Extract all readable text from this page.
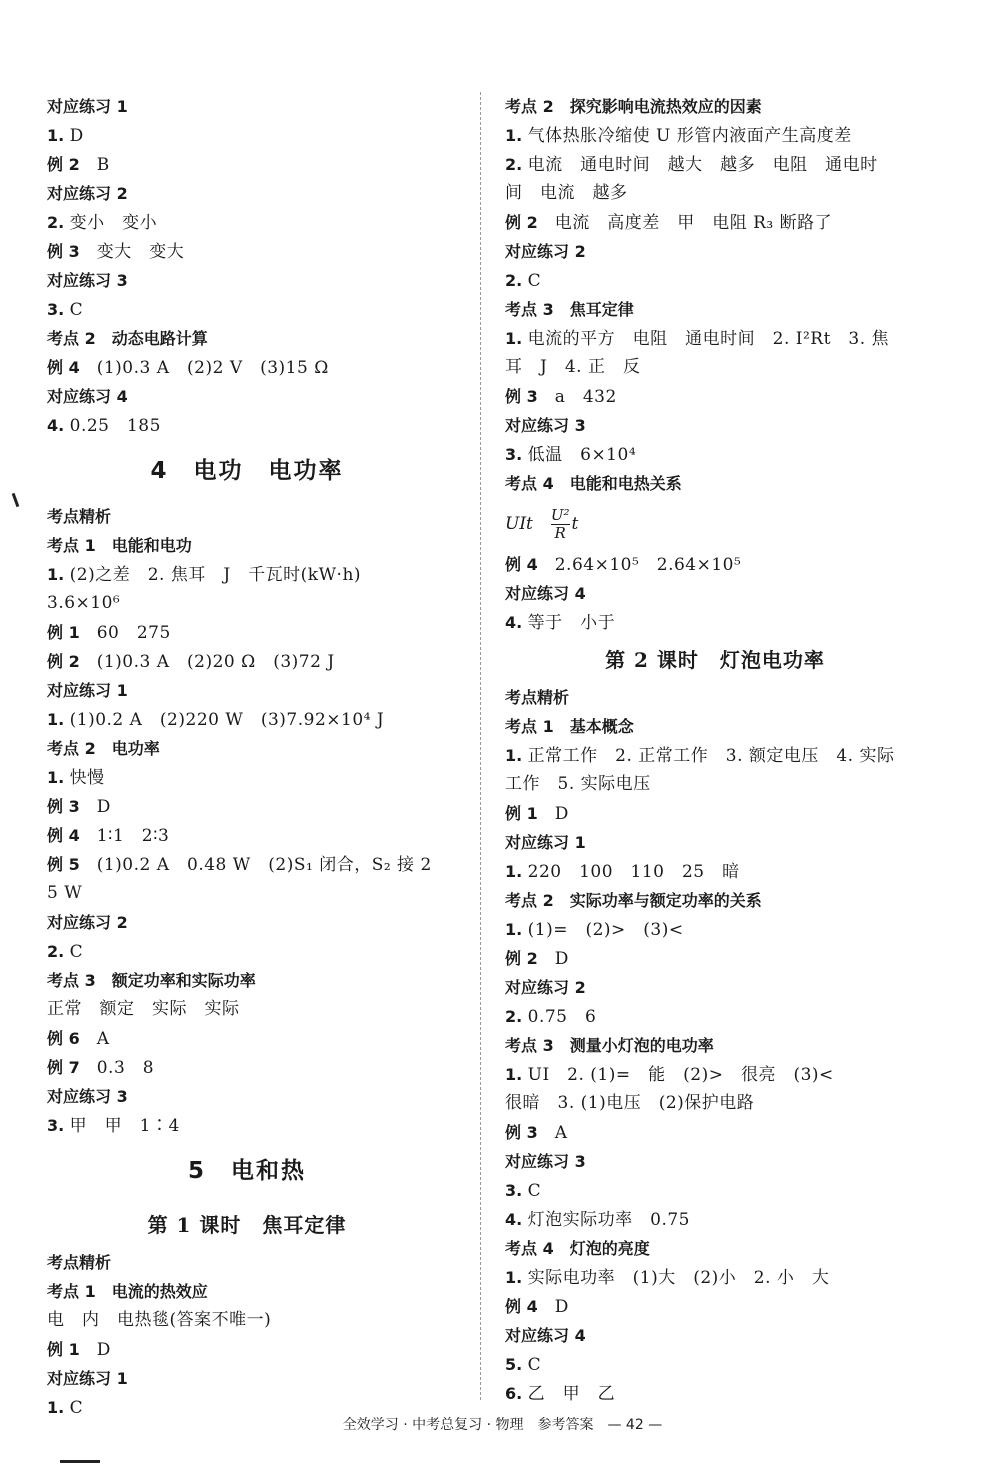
对应练习 1
1. D
例 2  B
对应练习 2
2. 变小　变小
例 3  变大　变大
对应练习 3
3. C
考点 2　动态电路计算
例 4  (1)0.3 A　(2)2 V　(3)15 Ω
对应练习 4
4. 0.25　185
4　电功　电功率
考点精析
考点 1　电能和电功
1. (2)之差　2. 焦耳　J　千瓦时(kW·h)
3.6×10⁶
例 1  60　275
例 2  (1)0.3 A　(2)20 Ω　(3)72 J
对应练习 1
1. (1)0.2 A　(2)220 W　(3)7.92×10⁴ J
考点 2　电功率
1. 快慢
例 3  D
例 4  1∶1　2∶3
例 5  (1)0.2 A　0.48 W　(2)S₁ 闭合，S₂ 接 2
5 W
对应练习 2
2. C
考点 3　额定功率和实际功率
正常　额定　实际　实际
例 6  A
例 7  0.3　8
对应练习 3
3. 甲　甲　1∶4
5　电和热
第 1 课时　焦耳定律
考点精析
考点 1　电流的热效应
电　内　电热毯(答案不唯一)
例 1  D
对应练习 1
1. C
考点 2　探究影响电流热效应的因素
1. 气体热胀冷缩使 U 形管内液面产生高度差
2. 电流　通电时间　越大　越多　电阻　通电时
间　电流　越多
例 2  电流　高度差　甲　电阻 R₃ 断路了
对应练习 2
2. C
考点 3　焦耳定律
1. 电流的平方　电阻　通电时间　2. I²Rt　3. 焦
耳　J　4. 正　反
例 3  a　432
对应练习 3
3. 低温　6×10⁴
考点 4　电能和电热关系
UIt $\frac{\text{U²}}{R}$ t
例 4  2.64×10⁵　2.64×10⁵
对应练习 4
4. 等于　小于
第 2 课时　灯泡电功率
考点精析
考点 1　基本概念
1. 正常工作　2. 正常工作　3. 额定电压　4. 实际
工作　5. 实际电压
例 1  D
对应练习 1
1. 220　100　110　25　暗
考点 2　实际功率与额定功率的关系
1. (1)=　(2)>　(3)<
例 2  D
对应练习 2
2. 0.75　6
考点 3　测量小灯泡的电功率
1. UI　2. (1)=　能　(2)>　很亮　(3)<
很暗　3. (1)电压　(2)保护电路
例 3  A
对应练习 3
3. C
4. 灯泡实际功率　0.75
考点 4　灯泡的亮度
1. 实际电功率　(1)大　(2)小　2. 小　大
例 4  D
对应练习 4
5. C
6. 乙　甲　乙
全效学习 · 中考总复习 · 物理　参考答案　— 42 —
